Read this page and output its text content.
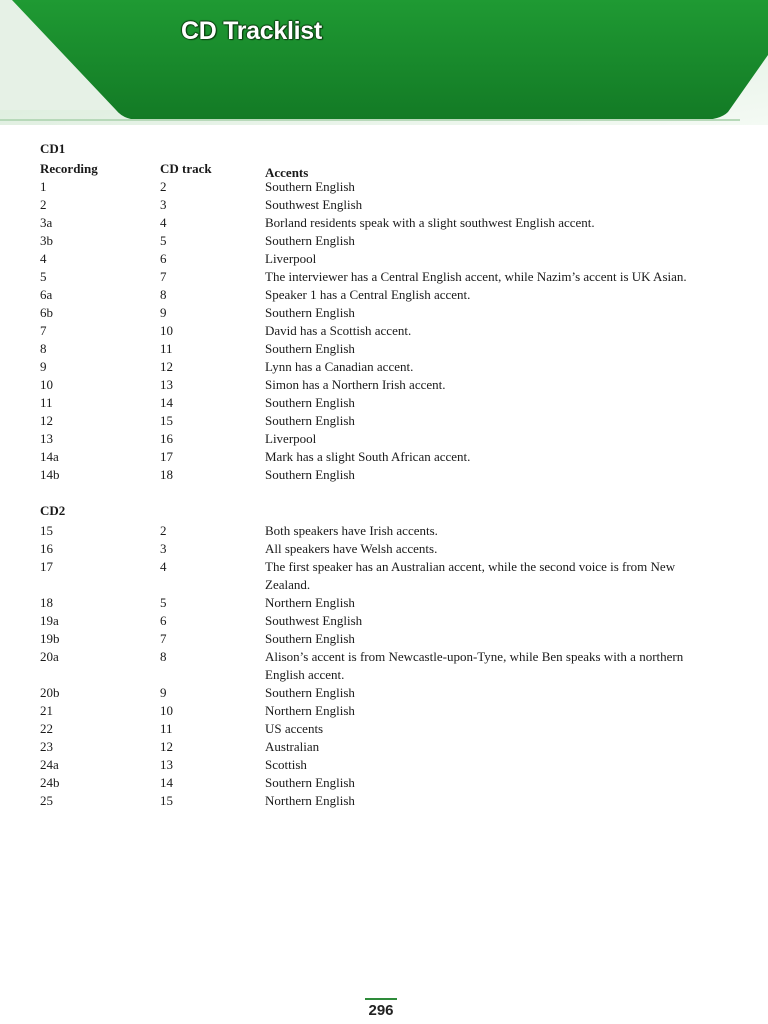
CD Tracklist
CD1
Recording	CD track	Accents
1	2	Southern English
2	3	Southwest English
3a	4	Borland residents speak with a slight southwest English accent.
3b	5	Southern English
4	6	Liverpool
5	7	The interviewer has a Central English accent, while Nazim’s accent is UK Asian.
6a	8	Speaker 1 has a Central English accent.
6b	9	Southern English
7	10	David has a Scottish accent.
8	11	Southern English
9	12	Lynn has a Canadian accent.
10	13	Simon has a Northern Irish accent.
11	14	Southern English
12	15	Southern English
13	16	Liverpool
14a	17	Mark has a slight South African accent.
14b	18	Southern English
CD2
15	2	Both speakers have Irish accents.
16	3	All speakers have Welsh accents.
17	4	The first speaker has an Australian accent, while the second voice is from New Zealand.
18	5	Northern English
19a	6	Southwest English
19b	7	Southern English
20a	8	Alison’s accent is from Newcastle-upon-Tyne, while Ben speaks with a northern English accent.
20b	9	Southern English
21	10	Northern English
22	11	US accents
23	12	Australian
24a	13	Scottish
24b	14	Southern English
25	15	Northern English
296
